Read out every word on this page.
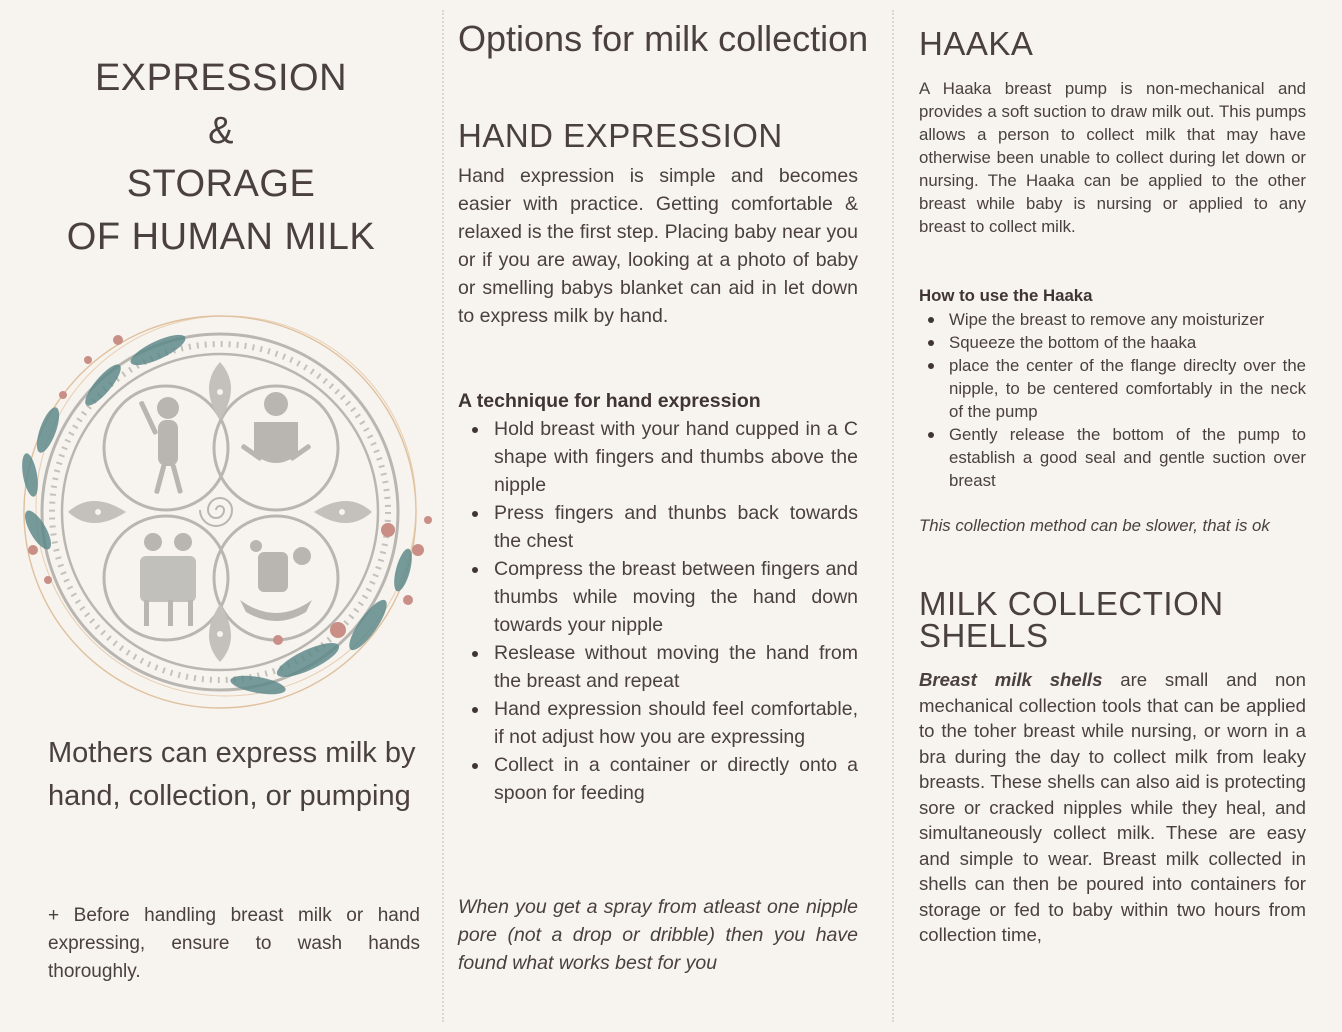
EXPRESSION
&
STORAGE
OF HUMAN MILK
Mothers can express milk by hand, collection, or pumping
+ Before handling breast milk or hand expressing, ensure to wash hands thoroughly.
Options for milk collection
HAND EXPRESSION
Hand expression is simple and becomes easier with practice. Getting comfortable & relaxed is the first step. Placing baby near you or if you are away, looking at a photo of baby or smelling babys blanket can aid in let down to express milk by hand.
A technique for hand expression
Hold breast with your hand cupped in a C shape with fingers and thumbs above the nipple
Press fingers and thunbs back towards the chest
Compress the breast between fingers and thumbs while moving the hand down towards your nipple
Reslease without moving the hand from the breast and repeat
Hand expression should feel comfortable, if not adjust how you are expressing
Collect in a container or directly onto a spoon for feeding
When you get a spray from atleast one nipple pore (not a drop or dribble) then you have found what works best for you
HAAKA
A Haaka breast pump is non-mechanical and provides a soft suction to draw milk out. This pumps allows a person to collect milk that may have otherwise been unable to collect during let down or nursing. The Haaka can be applied to the other breast while baby is nursing or applied to any breast to collect milk.
How to use the Haaka
Wipe the breast to remove any moisturizer
Squeeze the bottom of the haaka
place the center of the flange direclty over the nipple, to be centered comfortably in the neck of the pump
Gently release the bottom of the pump to establish a good seal and gentle suction over breast
This collection method can be slower, that is ok
MILK COLLECTION SHELLS
Breast milk shells are small and non mechanical collection tools that can be applied to the toher breast while nursing, or worn in a bra during the day to collect milk from leaky breasts. These shells can also aid is protecting sore or cracked nipples while they heal, and simultaneously collect milk. These are easy and simple to wear. Breast milk collected in shells can then be poured into containers for storage or fed to baby within two hours from collection time,
